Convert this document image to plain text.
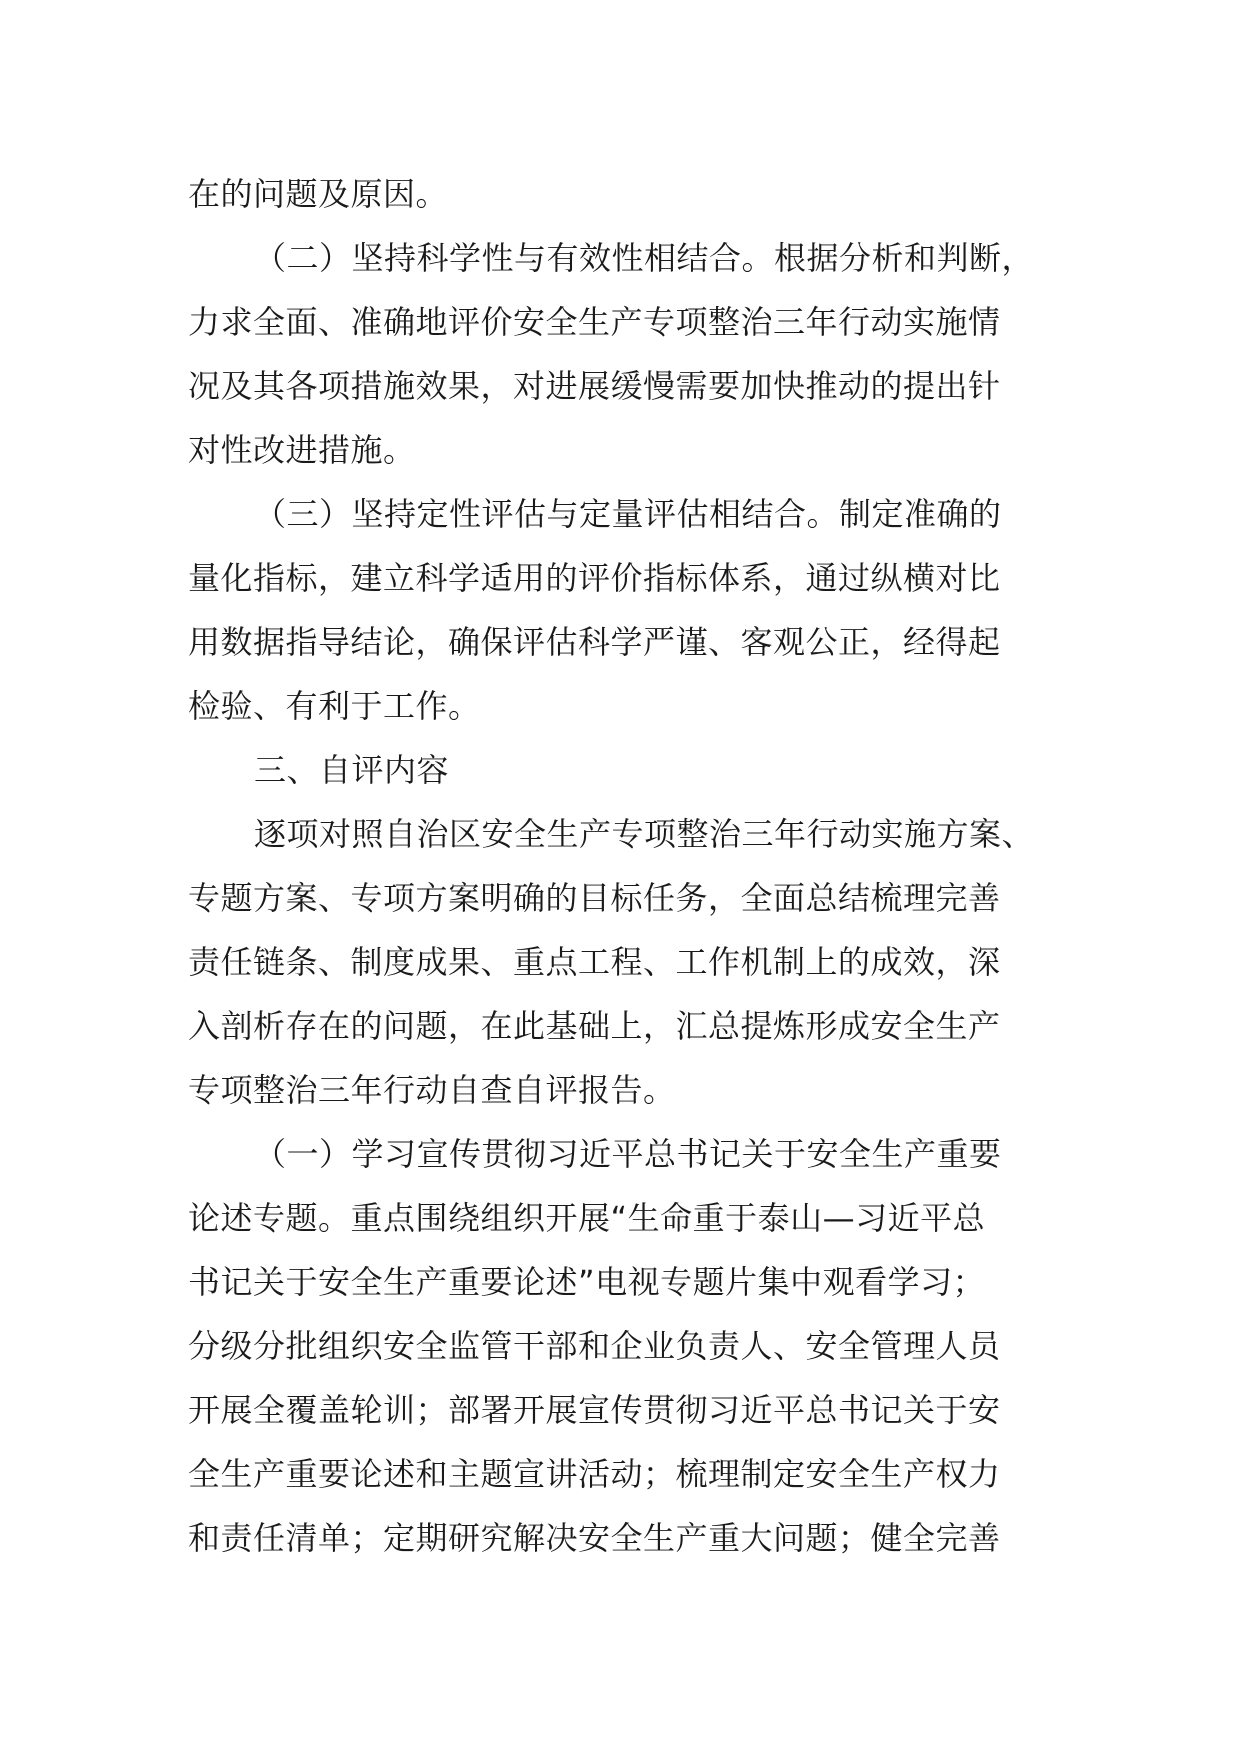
在的问题及原因。
（二）坚持科学性与有效性相结合。根据分析和判断，
力求全面、准确地评价安全生产专项整治三年行动实施情
况及其各项措施效果，对进展缓慢需要加快推动的提出针
对性改进措施。
（三）坚持定性评估与定量评估相结合。制定准确的
量化指标，建立科学适用的评价指标体系，通过纵横对比
用数据指导结论，确保评估科学严谨、客观公正，经得起
检验、有利于工作。
三、自评内容
逐项对照自治区安全生产专项整治三年行动实施方案、
专题方案、专项方案明确的目标任务，全面总结梳理完善
责任链条、制度成果、重点工程、工作机制上的成效，深
入剖析存在的问题，在此基础上，汇总提炼形成安全生产
专项整治三年行动自查自评报告。
（一）学习宣传贯彻习近平总书记关于安全生产重要
论述专题。重点围绕组织开展“生命重于泰山—习近平总
书记关于安全生产重要论述”电视专题片集中观看学习；
分级分批组织安全监管干部和企业负责人、安全管理人员
开展全覆盖轮训；部署开展宣传贯彻习近平总书记关于安
全生产重要论述和主题宣讲活动；梳理制定安全生产权力
和责任清单；定期研究解决安全生产重大问题；健全完善
